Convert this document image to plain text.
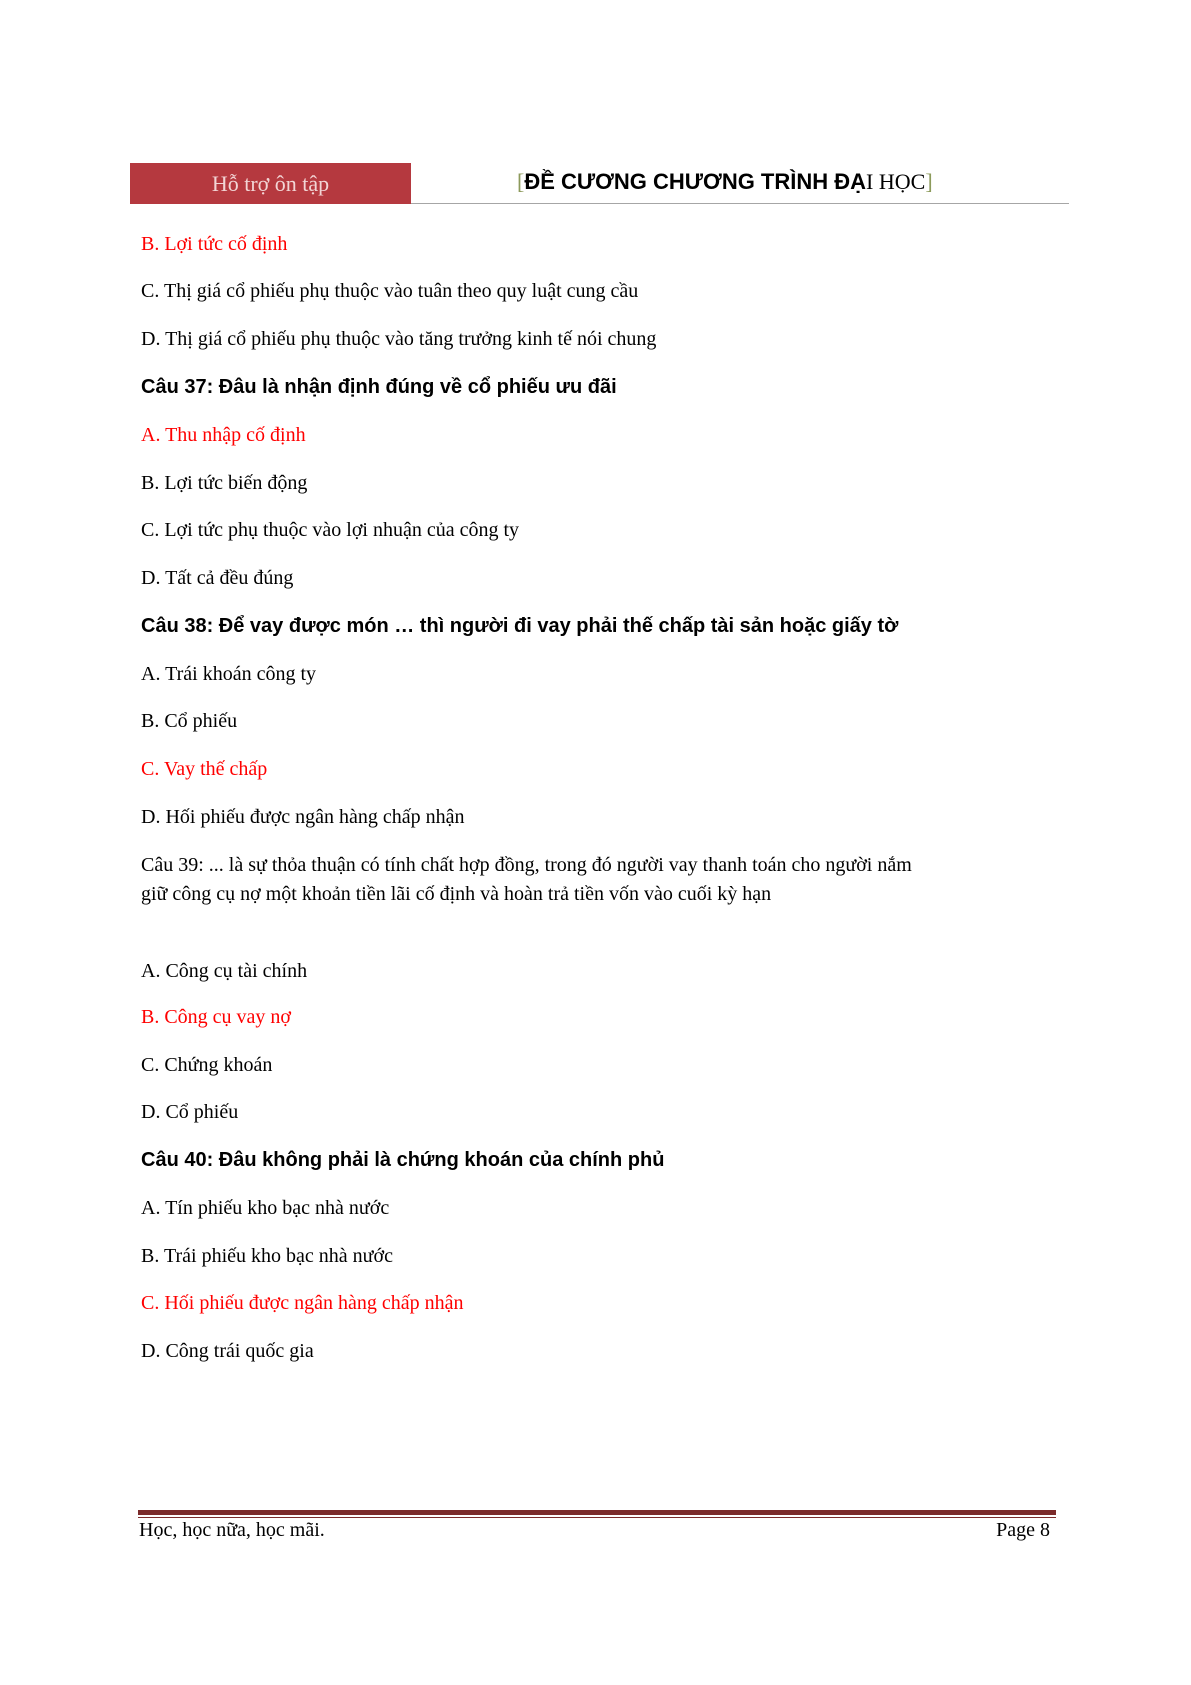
Hỗ trợ ôn tập	[ĐỀ CƯƠNG CHƯƠNG TRÌNH ĐẠI HỌC]
B. Lợi tức cố định
C. Thị giá cổ phiếu phụ thuộc vào tuân theo quy luật cung cầu
D. Thị giá cổ phiếu phụ thuộc vào tăng trưởng kinh tế nói chung
Câu 37: Đâu là nhận định đúng về cổ phiếu ưu đãi
A. Thu nhập cố định
B. Lợi tức biến động
C. Lợi tức phụ thuộc vào lợi nhuận của công ty
D. Tất cả đều đúng
Câu 38: Để vay được món … thì người đi vay phải thế chấp tài sản hoặc giấy tờ
A. Trái khoán công ty
B. Cổ phiếu
C. Vay thế chấp
D. Hối phiếu được ngân hàng chấp nhận
Câu 39: ... là sự thỏa thuận có tính chất hợp đồng, trong đó người vay thanh toán cho người nắm giữ công cụ nợ một khoản tiền lãi cố định và hoàn trả tiền vốn vào cuối kỳ hạn
A. Công cụ tài chính
B. Công cụ vay nợ
C. Chứng khoán
D. Cổ phiếu
Câu 40: Đâu không phải là chứng khoán của chính phủ
A. Tín phiếu kho bạc nhà nước
B. Trái phiếu kho bạc nhà nước
C. Hối phiếu được ngân hàng chấp nhận
D. Công trái quốc gia
Học, học nữa, học mãi.	Page 8
